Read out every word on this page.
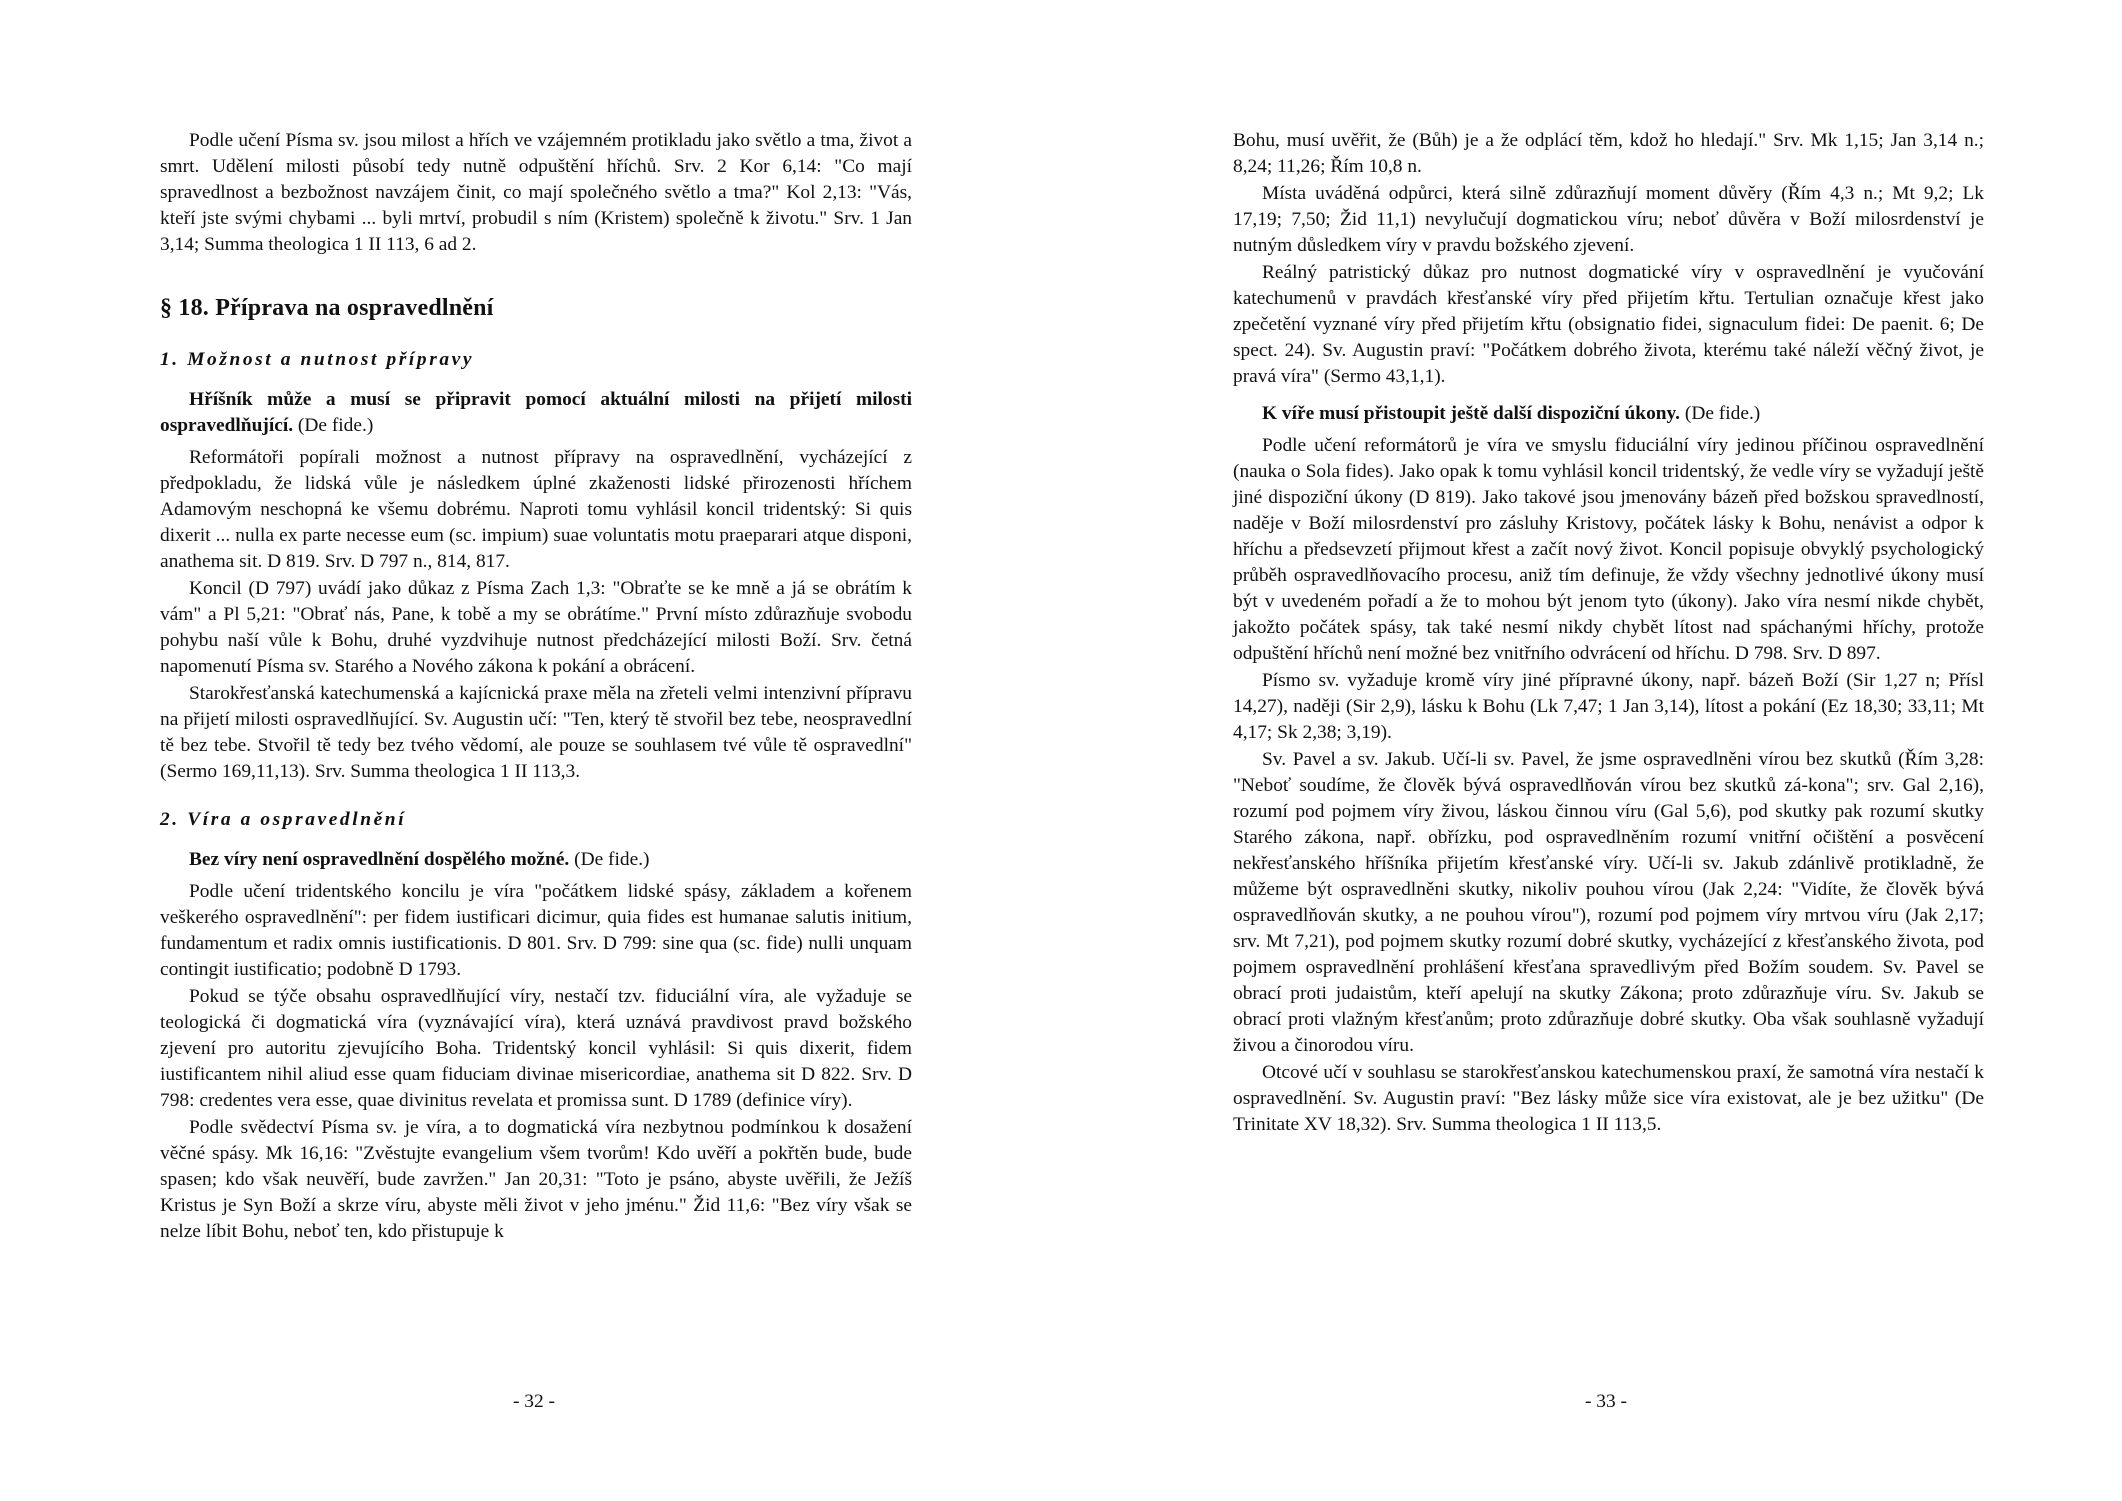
Podle učení Písma sv. jsou milost a hřích ve vzájemném protikladu jako světlo a tma, život a smrt. Udělení milosti působí tedy nutně odpuštění hříchů. Srv. 2 Kor 6,14: "Co mají spravedlnost a bezbožnost navzájem činit, co mají společného světlo a tma?" Kol 2,13: "Vás, kteří jste svými chybami ... byli mrtví, probudil s ním (Kristem) společně k životu." Srv. 1 Jan 3,14; Summa theologica 1 II 113, 6 ad 2.

§ 18. Příprava na ospravedlnění
1. Možnost a nutnost přípravy

Hříšník může a musí se připravit pomocí aktuální milosti na přijetí milosti ospravedlňující. (De fide.)

Reformátoři popírali možnost a nutnost přípravy na ospravedlnění, vycházející z předpokladu, že lidská vůle je následkem úplné zkaženosti lidské přirozenosti hříchem Adamovým neschopná ke všemu dobrému. Naproti tomu vyhlásil koncil tridentský: Si quis dixerit ... nulla ex parte necesse eum (sc. impium) suae voluntatis motu praeparari atque disponi, anathema sit. D 819. Srv. D 797 n., 814, 817.

Koncil (D 797) uvádí jako důkaz z Písma Zach 1,3: "Obraťte se ke mně a já se obrátím k vám" a Pl 5,21: "Obrať nás, Pane, k tobě a my se obrátíme." První místo zdůrazňuje svobodu pohybu naší vůle k Bohu, druhé vyzdvihuje nutnost předcházející milosti Boží. Srv. četná napomenutí Písma sv. Starého a Nového zákona k pokání a obrácení.

Starokřesťanská katechumenská a kajícnická praxe měla na zřeteli velmi intenzivní přípravu na přijetí milosti ospravedlňující. Sv. Augustin učí: "Ten, který tě stvořil bez tebe, neospravedlní tě bez tebe. Stvořil tě tedy bez tvého vědomí, ale pouze se souhlasem tvé vůle tě ospravedlní" (Sermo 169,11,13). Srv. Summa theologica 1 II 113,3.

2. Víra a ospravedlnění

Bez víry není ospravedlnění dospělého možné. (De fide.)

Podle učení tridentského koncilu je víra "počátkem lidské spásy, základem a kořenem veškerého ospravedlnění": per fidem iustificari dicimur, quia fides est humanae salutis initium, fundamentum et radix omnis iustificationis. D 801. Srv. D 799: sine qua (sc. fide) nulli unquam contingit iustificatio; podobně D 1793.

Pokud se týče obsahu ospravedlňující víry, nestačí tzv. fiduciální víra, ale vyžaduje se teologická či dogmatická víra (vyznávající víra), která uznává pravdivost pravd božského zjevení pro autoritu zjevujícího Boha. Tridentský koncil vyhlásil: Si quis dixerit, fidem iustificantem nihil aliud esse quam fiduciam divinae misericordiae, anathema sit D 822. Srv. D 798: credentes vera esse, quae divinitus revelata et promissa sunt. D 1789 (definice víry).

Podle svědectví Písma sv. je víra, a to dogmatická víra nezbytnou podmínkou k dosažení věčné spásy. Mk 16,16: "Zvěstujte evangelium všem tvorům! Kdo uvěří a pokřtěn bude, bude spasen; kdo však neuvěří, bude zavržen." Jan 20,31: "Toto je psáno, abyste uvěřili, že Ježíš Kristus je Syn Boží a skrze víru, abyste měli život v jeho jménu." Žid 11,6: "Bez víry však se nelze líbit Bohu, neboť ten, kdo přistupuje k

- 32 -

Bohu, musí uvěřit, že (Bůh) je a že odplácí těm, kdož ho hledají." Srv. Mk 1,15; Jan 3,14 n.; 8,24; 11,26; Řím 10,8 n.

Místa uváděná odpůrci, která silně zdůrazňují moment důvěry (Řím 4,3 n.; Mt 9,2; Lk 17,19; 7,50; Žid 11,1) nevylučují dogmatickou víru; neboť důvěra v Boží milosrdenství je nutným důsledkem víry v pravdu božského zjevení.

Reálný patristický důkaz pro nutnost dogmatické víry v ospravedlnění je vyučování katechumenů v pravdách křesťanské víry před přijetím křtu. Tertulian označuje křest jako zpečetění vyznané víry před přijetím křtu (obsignatio fidei, signaculum fidei: De paenit. 6; De spect. 24). Sv. Augustin praví: "Počátkem dobrého života, kterému také náleží věčný život, je pravá víra" (Sermo 43,1,1).

K víře musí přistoupit ještě další dispoziční úkony. (De fide.)

Podle učení reformátorů je víra ve smyslu fiduciální víry jedinou příčinou ospravedlnění (nauka o Sola fides). Jako opak k tomu vyhlásil koncil tridentský, že vedle víry se vyžadují ještě jiné dispoziční úkony (D 819). Jako takové jsou jmenovány bázeň před božskou spravedlností, naděje v Boží milosrdenství pro zásluhy Kristovy, počátek lásky k Bohu, nenávist a odpor k hříchu a předsevzetí přijmout křest a začít nový život. Koncil popisuje obvyklý psychologický průběh ospravedlňovacího procesu, aniž tím definuje, že vždy všechny jednotlivé úkony musí být v uvedeném pořadí a že to mohou být jenom tyto (úkony). Jako víra nesmí nikde chybět, jakožto počátek spásy, tak také nesmí nikdy chybět lítost nad spáchanými hříchy, protože odpuštění hříchů není možné bez vnitřního odvrácení od hříchu. D 798. Srv. D 897.

Písmo sv. vyžaduje kromě víry jiné přípravné úkony, např. bázeň Boží (Sir 1,27 n; Přísl 14,27), naději (Sir 2,9), lásku k Bohu (Lk 7,47; 1 Jan 3,14), lítost a pokání (Ez 18,30; 33,11; Mt 4,17; Sk 2,38; 3,19).

Sv. Pavel a sv. Jakub. Učí-li sv. Pavel, že jsme ospravedlněni vírou bez skutků (Řím 3,28: "Neboť soudíme, že člověk bývá ospravedlňován vírou bez skutků zá-kona"; srv. Gal 2,16), rozumí pod pojmem víry živou, láskou činnou víru (Gal 5,6), pod skutky pak rozumí skutky Starého zákona, např. obřízku, pod ospravedlněním rozumí vnitřní očištění a posvěcení nekřesťanského hříšníka přijetím křesťanské víry. Učí-li sv. Jakub zdánlivě protikladně, že můžeme být ospravedlněni skutky, nikoliv pouhou vírou (Jak 2,24: "Vidíte, že člověk bývá ospravedlňován skutky, a ne pouhou vírou"), rozumí pod pojmem víry mrtvou víru (Jak 2,17; srv. Mt 7,21), pod pojmem skutky rozumí dobré skutky, vycházející z křesťanského života, pod pojmem ospravedlnění prohlášení křesťana spravedlivým před Božím soudem. Sv. Pavel se obrací proti judaistům, kteří apelují na skutky Zákona; proto zdůrazňuje víru. Sv. Jakub se obrací proti vlažným křesťanům; proto zdůrazňuje dobré skutky. Oba však souhlasně vyžadují živou a činorodou víru.

Otcové učí v souhlasu se starokřesťanskou katechumenskou praxí, že samotná víra nestačí k ospravedlnění. Sv. Augustin praví: "Bez lásky může sice víra existovat, ale je bez užitku" (De Trinitate XV 18,32). Srv. Summa theologica 1 II 113,5.

- 33 -
